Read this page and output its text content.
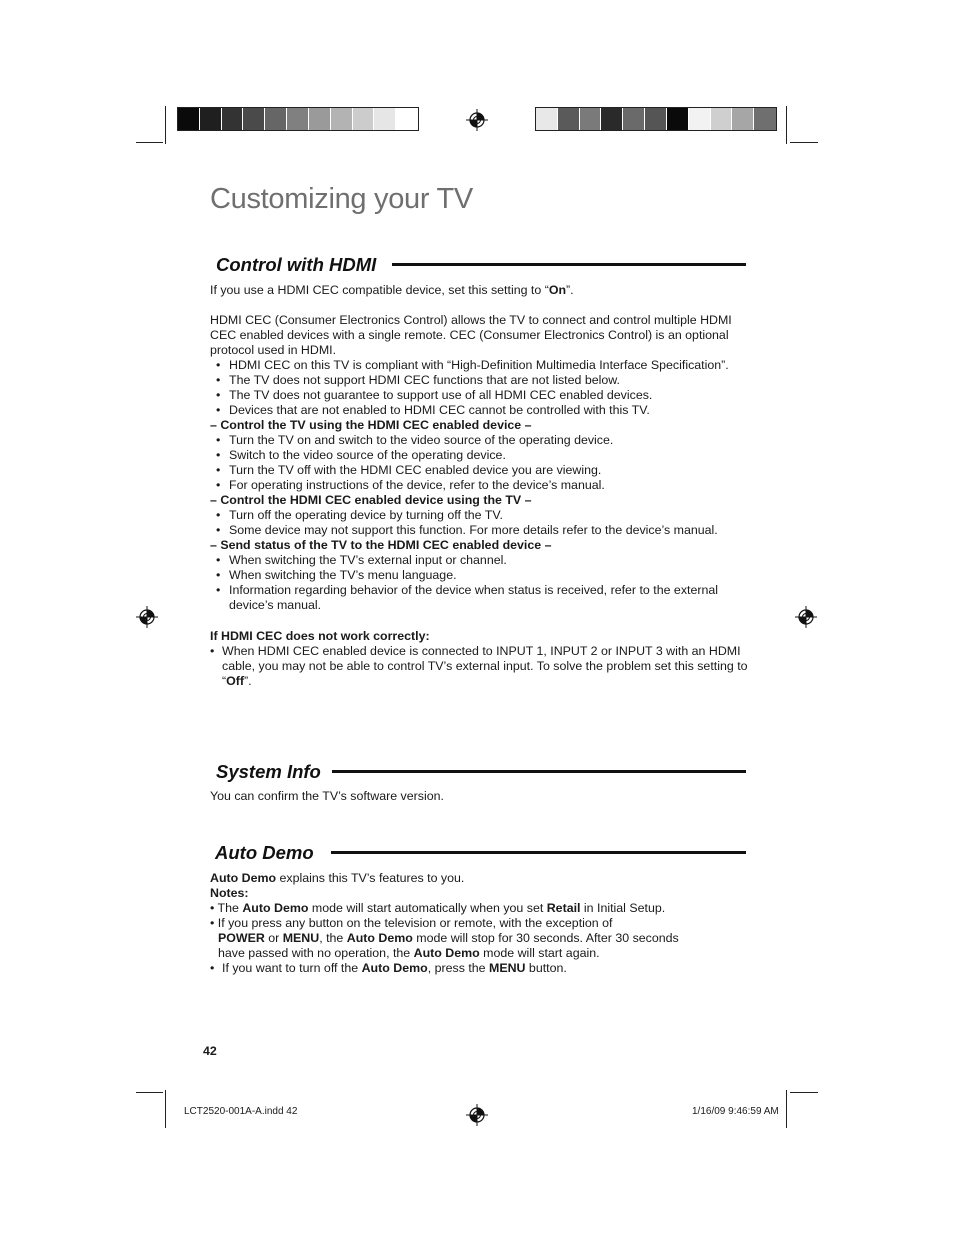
Customizing your TV
Control with HDMI

If you use a HDMI CEC compatible device, set this setting to “On”.

HDMI CEC (Consumer Electronics Control) allows the TV to connect and control multiple HDMI CEC enabled devices with a single remote. CEC (Consumer Electronics Control) is an optional protocol used in HDMI.

• HDMI CEC on this TV is compliant with “High-Definition Multimedia Interface Specification”.
• The TV does not support HDMI CEC functions that are not listed below.
• The TV does not guarantee to support use of all HDMI CEC enabled devices.
• Devices that are not enabled to HDMI CEC cannot be controlled with this TV.

– Control the TV using the HDMI CEC enabled device –

• Turn the TV on and switch to the video source of the operating device.
• Switch to the video source of the operating device.
• Turn the TV off with the HDMI CEC enabled device you are viewing.
• For operating instructions of the device, refer to the device’s manual.

– Control the HDMI CEC enabled device using the TV –

• Turn off the operating device by turning off the TV.
• Some device may not support this function. For more details refer to the device’s manual.

– Send status of the TV to the HDMI CEC enabled device –

• When switching the TV’s external input or channel.
• When switching the TV’s menu language.
• Information regarding behavior of the device when status is received, refer to the external device’s manual.

If HDMI CEC does not work correctly:

• When HDMI CEC enabled device is connected to INPUT 1, INPUT 2 or INPUT 3 with an HDMI cable, you may not be able to control TV’s external input. To solve the problem set this setting to “Off”.
System Info
You can confirm the TV’s software version.
Auto Demo

Auto Demo explains this TV’s features to you.

Notes:

• The Auto Demo mode will start automatically when you set Retail in Initial Setup.

• If you press any button on the television or remote, with the exception of

POWER or MENU, the Auto Demo mode will stop for 30 seconds. After 30 seconds

have passed with no operation, the Auto Demo mode will start again.

• If you want to turn off the Auto Demo, press the MENU button.
42
LCT2520-001A-A.indd 42	1/16/09 9:46:59 AM
